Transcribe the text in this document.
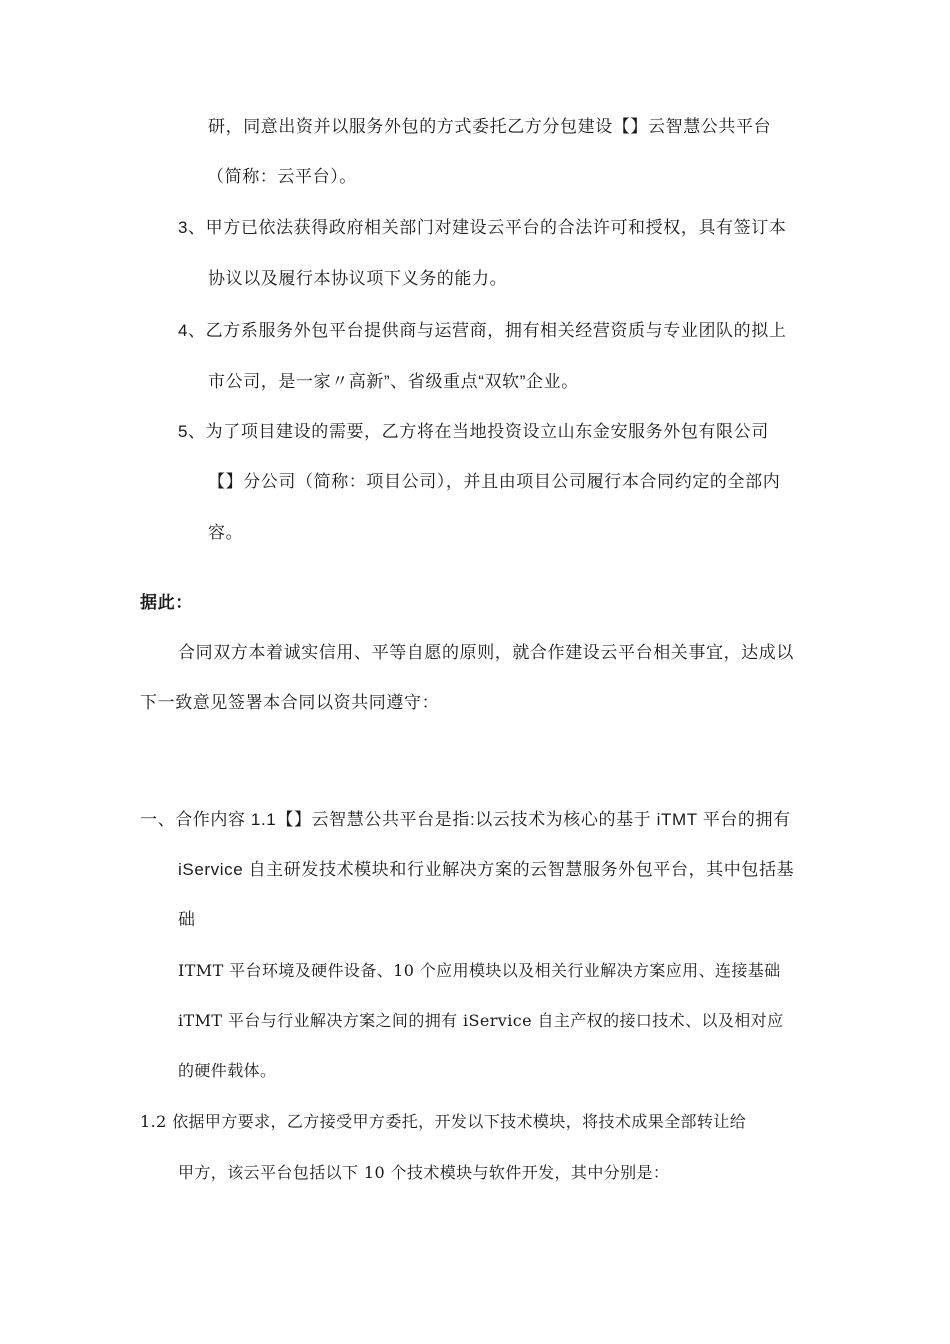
研，同意出资并以服务外包的方式委托乙方分包建设【】云智慧公共平台
（简称：云平台）。
3、甲方已依法获得政府相关部门对建设云平台的合法许可和授权，具有签订本
协议以及履行本协议项下义务的能力。
4、乙方系服务外包平台提供商与运营商，拥有相关经营资质与专业团队的拟上
市公司，是一家〃高新”、省级重点“双软”企业。
5、为了项目建设的需要，乙方将在当地投资设立山东金安服务外包有限公司
【】分公司（简称：项目公司），并且由项目公司履行本合同约定的全部内
容。
据此：
合同双方本着诚实信用、平等自愿的原则，就合作建设云平台相关事宜，达成以
下一致意见签署本合同以资共同遵守：
一、合作内容 1.1【】云智慧公共平台是指:以云技术为核心的基于 iTMT 平台的拥有
iService 自主研发技术模块和行业解决方案的云智慧服务外包平台，其中包括基
础
ITMT 平台环境及硬件设备、10 个应用模块以及相关行业解决方案应用、连接基础
iTMT 平台与行业解决方案之间的拥有 iService 自主产权的接口技术、以及相对应
的硬件载体。
1.2 依据甲方要求，乙方接受甲方委托，开发以下技术模块，将技术成果全部转让给
甲方，该云平台包括以下 10 个技术模块与软件开发，其中分别是：
